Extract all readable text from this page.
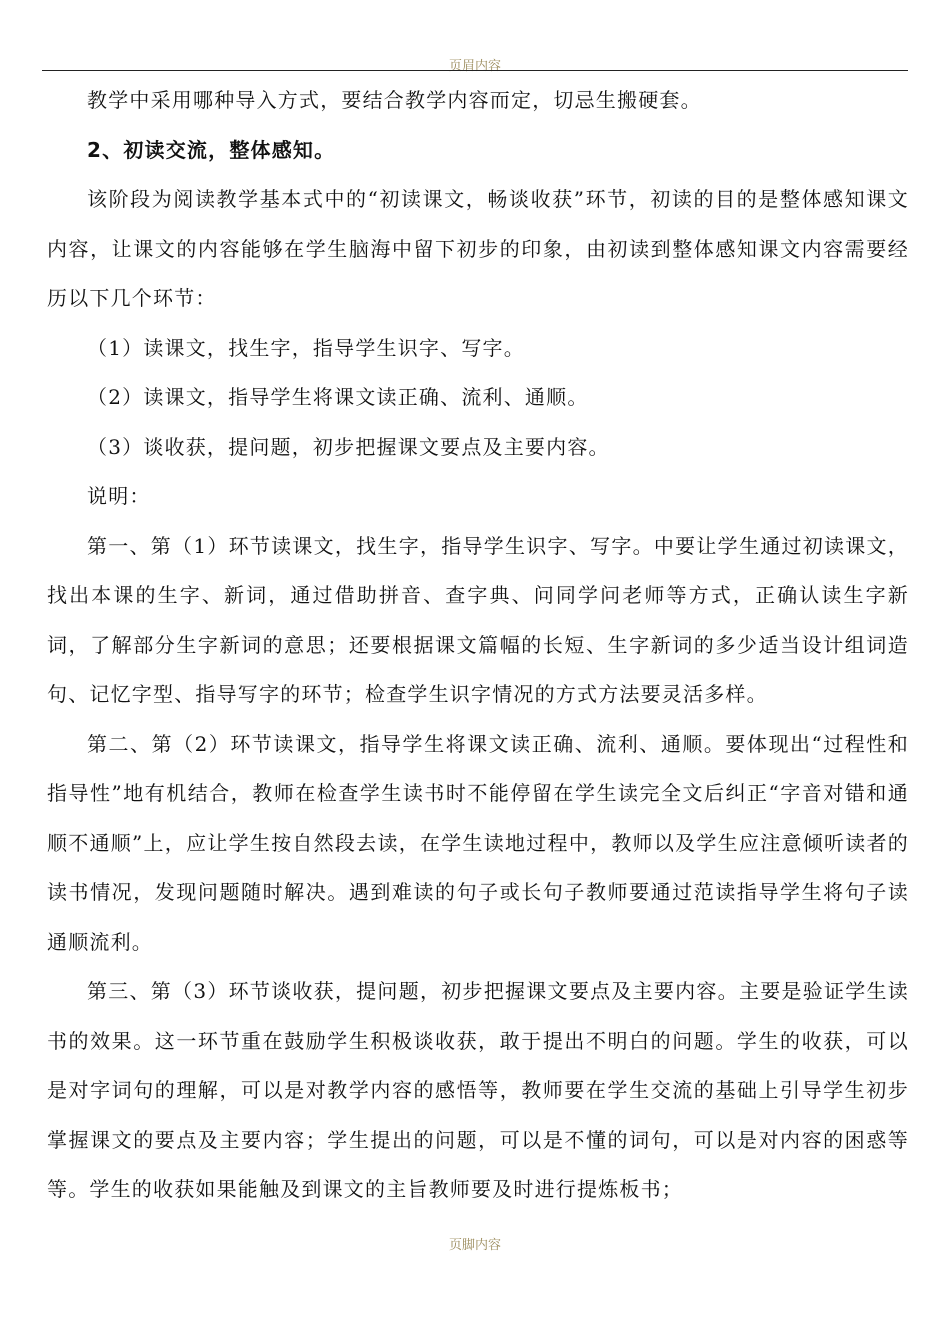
页眉内容

教学中采用哪种导入方式，要结合教学内容而定，切忌生搬硬套。

2、初读交流，整体感知。

该阶段为阅读教学基本式中的“初读课文，畅谈收获”环节，初读的目的是整体感知课文内容，让课文的内容能够在学生脑海中留下初步的印象，由初读到整体感知课文内容需要经历以下几个环节：

（1）读课文，找生字，指导学生识字、写字。

（2）读课文，指导学生将课文读正确、流利、通顺。

（3）谈收获，提问题，初步把握课文要点及主要内容。

说明：

第一、第（1）环节读课文，找生字，指导学生识字、写字。中要让学生通过初读课文，找出本课的生字、新词，通过借助拼音、查字典、问同学问老师等方式，正确认读生字新词，了解部分生字新词的意思；还要根据课文篇幅的长短、生字新词的多少适当设计组词造句、记忆字型、指导写字的环节；检查学生识字情况的方式方法要灵活多样。

第二、第（2）环节读课文，指导学生将课文读正确、流利、通顺。要体现出“过程性和指导性”地有机结合，教师在检查学生读书时不能停留在学生读完全文后纠正“字音对错和通顺不通顺”上，应让学生按自然段去读，在学生读地过程中，教师以及学生应注意倾听读者的读书情况，发现问题随时解决。遇到难读的句子或长句子教师要通过范读指导学生将句子读通顺流利。

第三、第（3）环节谈收获，提问题，初步把握课文要点及主要内容。主要是验证学生读书的效果。这一环节重在鼓励学生积极谈收获，敢于提出不明白的问题。学生的收获，可以是对字词句的理解，可以是对教学内容的感悟等，教师要在学生交流的基础上引导学生初步掌握课文的要点及主要内容；学生提出的问题，可以是不懂的词句，可以是对内容的困惑等等。学生的收获如果能触及到课文的主旨教师要及时进行提炼板书；

页脚内容
